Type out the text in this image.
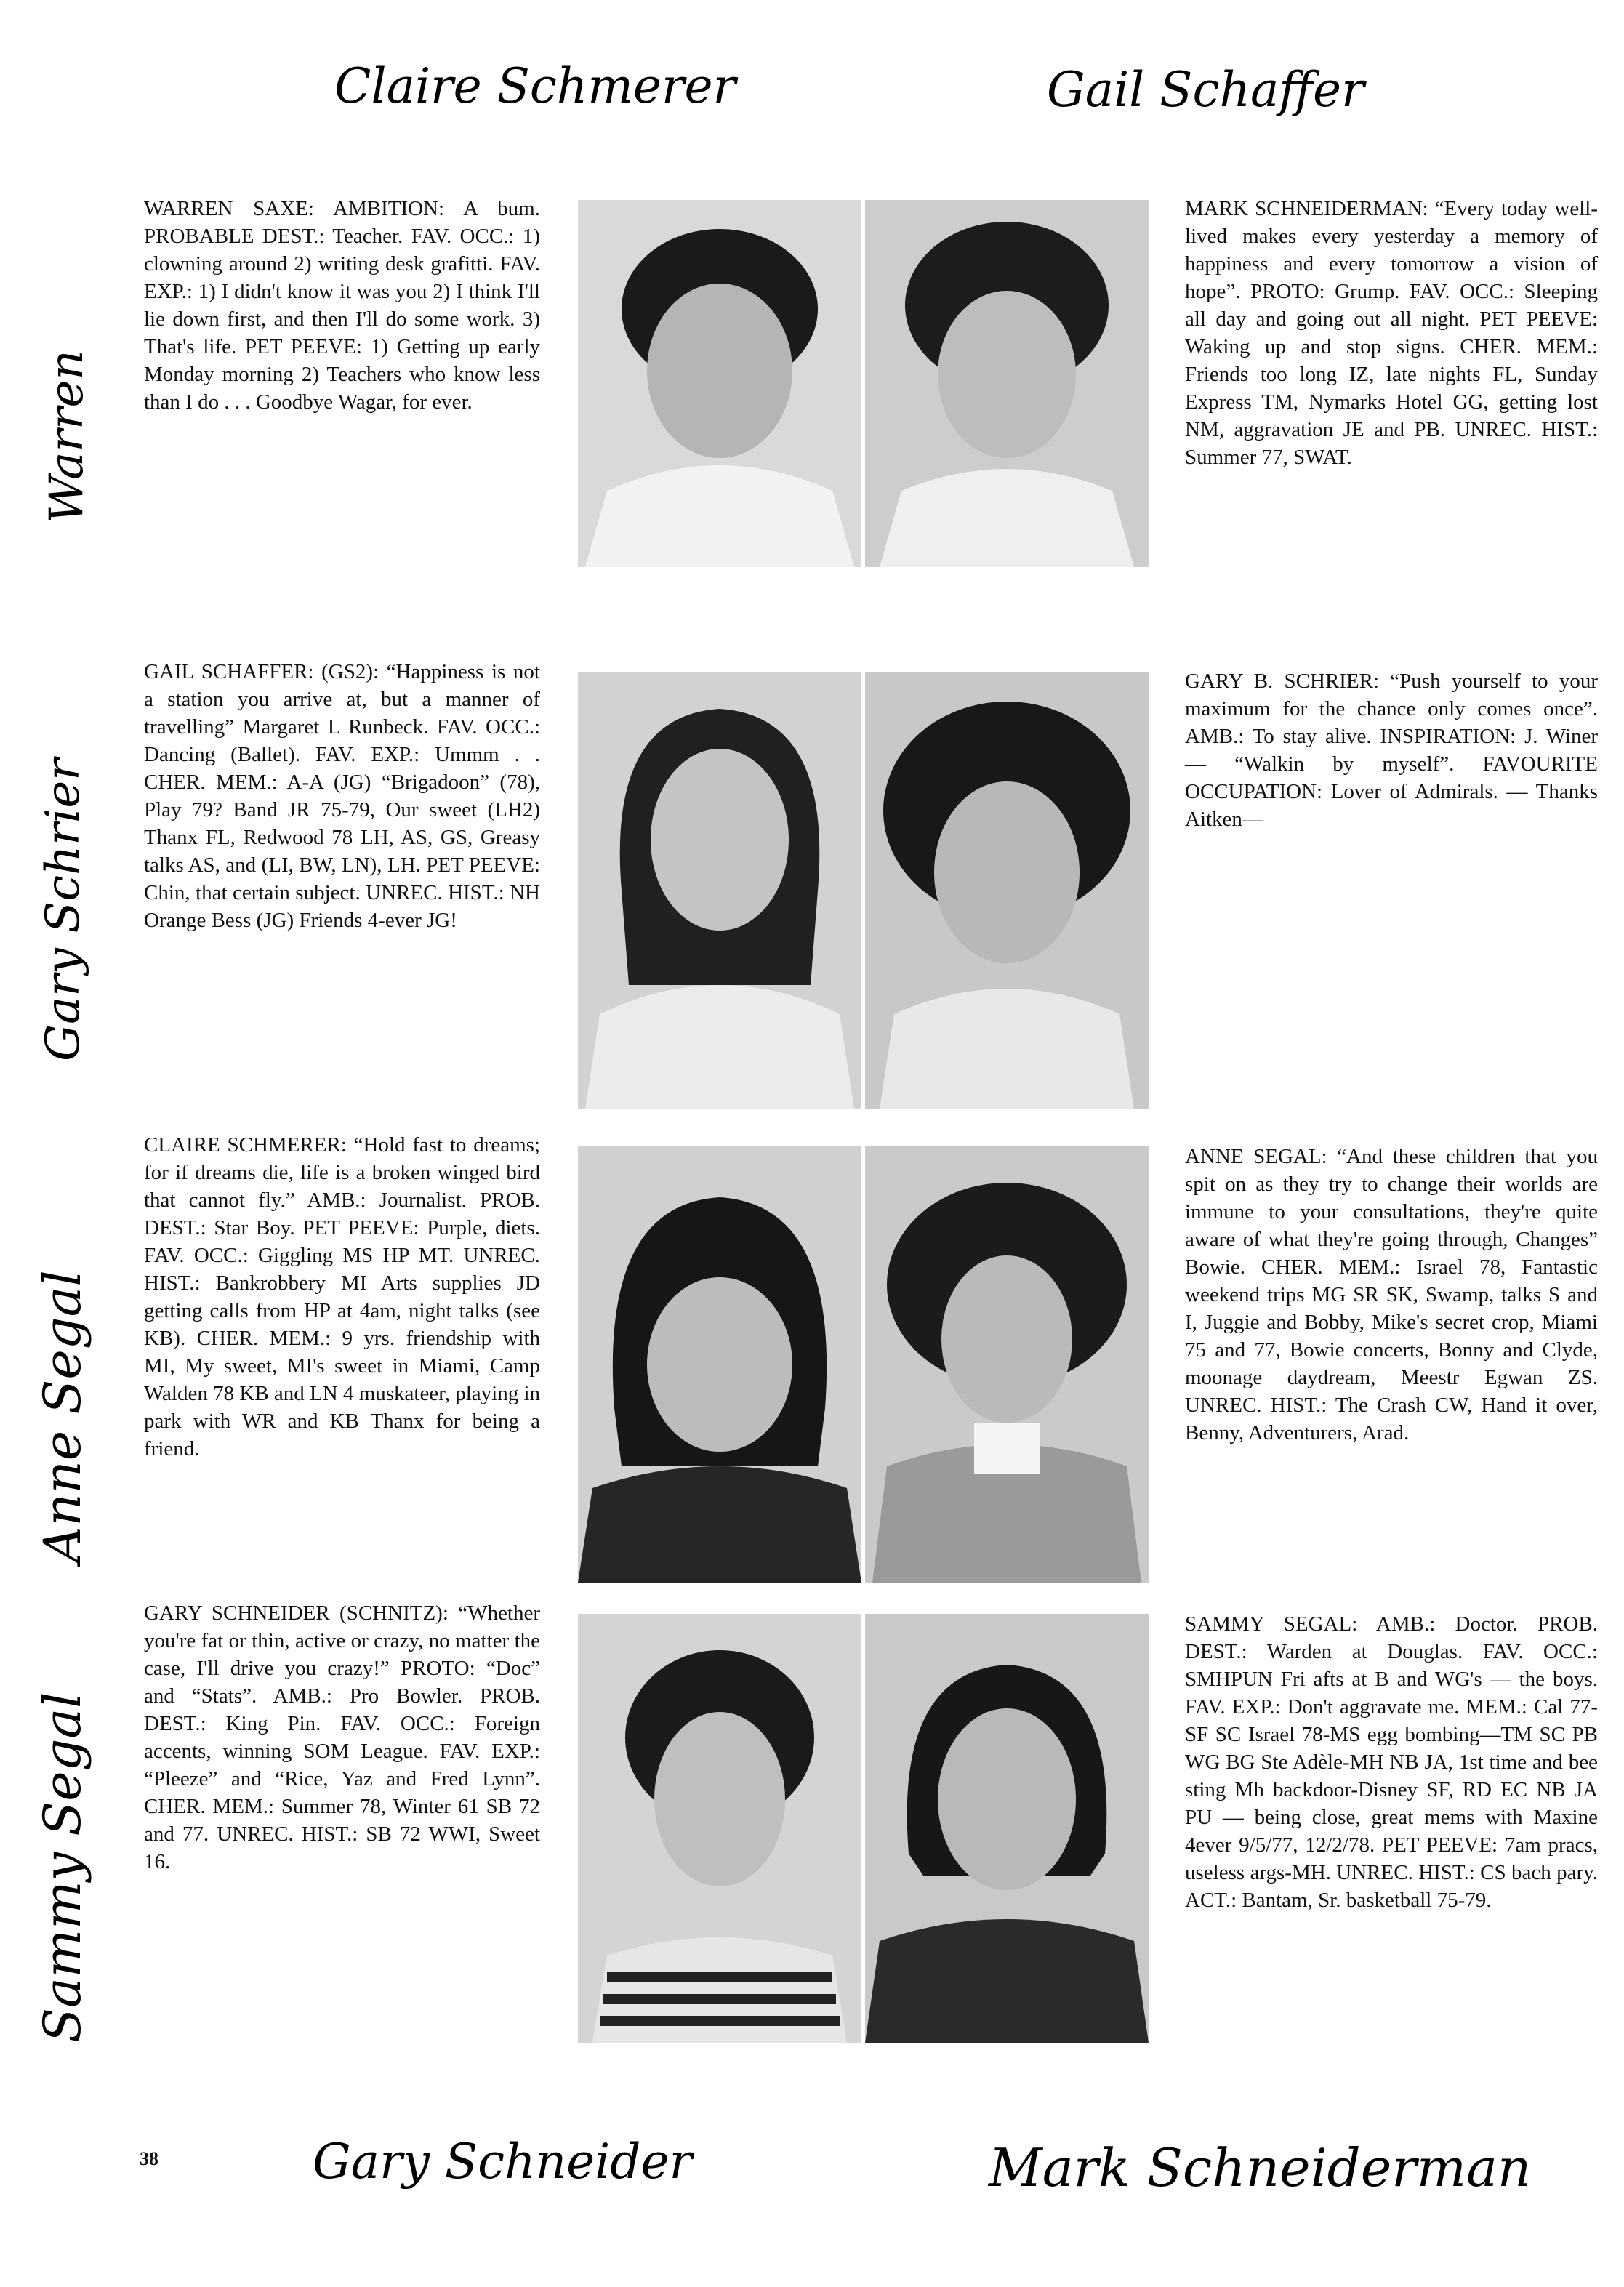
Claire Schmerer	Gail Schaffer
Gary Schneider	Mark Schneiderman
Warren
Gary Schrier
Anne Segal
Sammy Segal

WARREN SAXE: AMBITION: A bum. PROBABLE DEST.: Teacher. FAV. OCC.: 1) clowning around 2) writing desk grafitti. FAV. EXP.: 1) I didn't know it was you 2) I think I'll lie down first, and then I'll do some work. 3) That's life. PET PEEVE: 1) Getting up early Monday morning 2) Teachers who know less than I do . . . Goodbye Wagar, for ever.

MARK SCHNEIDERMAN: “Every today well-lived makes every yesterday a memory of happiness and every tomorrow a vision of hope”. PROTO: Grump. FAV. OCC.: Sleeping all day and going out all night. PET PEEVE: Waking up and stop signs. CHER. MEM.: Friends too long IZ, late nights FL, Sunday Express TM, Nymarks Hotel GG, getting lost NM, aggravation JE and PB. UNREC. HIST.: Summer 77, SWAT.

GAIL SCHAFFER: (GS2): “Happiness is not a station you arrive at, but a manner of travelling” Margaret L Runbeck. FAV. OCC.: Dancing (Ballet). FAV. EXP.: Ummm . . CHER. MEM.: A-A (JG) “Brigadoon” (78), Play 79? Band JR 75-79, Our sweet (LH2) Thanx FL, Redwood 78 LH, AS, GS, Greasy talks AS, and (LI, BW, LN), LH. PET PEEVE: Chin, that certain subject. UNREC. HIST.: NH Orange Bess (JG) Friends 4-ever JG!

GARY B. SCHRIER: “Push yourself to your maximum for the chance only comes once”. AMB.: To stay alive. INSPIRATION: J. Winer — “Walkin by myself”. FAVOURITE OCCUPATION: Lover of Admirals. — Thanks Aitken—

CLAIRE SCHMERER: “Hold fast to dreams; for if dreams die, life is a broken winged bird that cannot fly.” AMB.: Journalist. PROB. DEST.: Star Boy. PET PEEVE: Purple, diets. FAV. OCC.: Giggling MS HP MT. UNREC. HIST.: Bankrobbery MI Arts supplies JD getting calls from HP at 4am, night talks (see KB). CHER. MEM.: 9 yrs. friendship with MI, My sweet, MI's sweet in Miami, Camp Walden 78 KB and LN 4 muskateer, playing in park with WR and KB Thanx for being a friend.

ANNE SEGAL: “And these children that you spit on as they try to change their worlds are immune to your consultations, they're quite aware of what they're going through, Changes” Bowie. CHER. MEM.: Israel 78, Fantastic weekend trips MG SR SK, Swamp, talks S and I, Juggie and Bobby, Mike's secret crop, Miami 75 and 77, Bowie concerts, Bonny and Clyde, moonage daydream, Meestr Egwan ZS. UNREC. HIST.: The Crash CW, Hand it over, Benny, Adventurers, Arad.

GARY SCHNEIDER (SCHNITZ): “Whether you're fat or thin, active or crazy, no matter the case, I'll drive you crazy!” PROTO: “Doc” and “Stats”. AMB.: Pro Bowler. PROB. DEST.: King Pin. FAV. OCC.: Foreign accents, winning SOM League. FAV. EXP.: “Pleeze” and “Rice, Yaz and Fred Lynn”. CHER. MEM.: Summer 78, Winter 61 SB 72 and 77. UNREC. HIST.: SB 72 WWI, Sweet 16.

SAMMY SEGAL: AMB.: Doctor. PROB. DEST.: Warden at Douglas. FAV. OCC.: SMHPUN Fri afts at B and WG's — the boys. FAV. EXP.: Don't aggravate me. MEM.: Cal 77-SF SC Israel 78-MS egg bombing—TM SC PB WG BG Ste Adèle-MH NB JA, 1st time and bee sting Mh backdoor-Disney SF, RD EC NB JA PU — being close, great mems with Maxine 4ever 9/5/77, 12/2/78. PET PEEVE: 7am pracs, useless args-MH. UNREC. HIST.: CS bach pary. ACT.: Bantam, Sr. basketball 75-79.

38
